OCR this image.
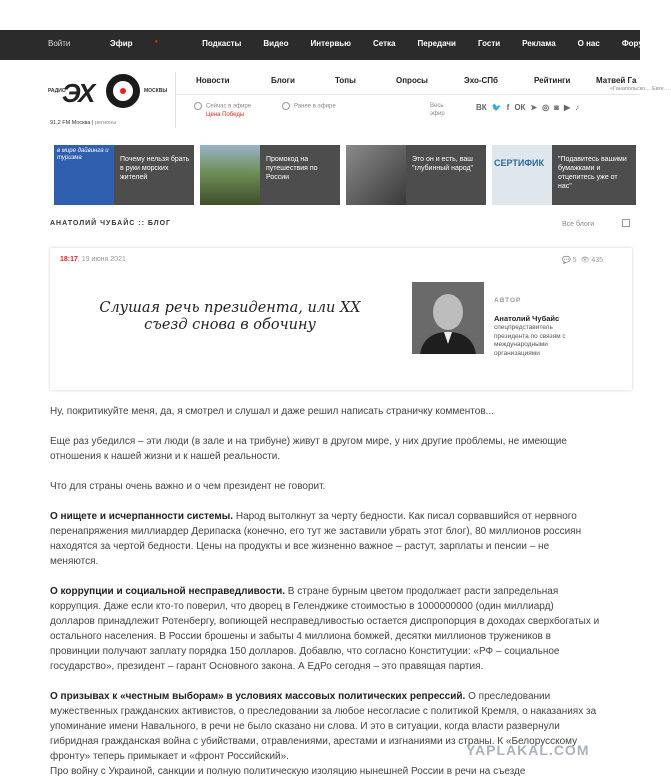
Войти	Эфир	●	Подкасты	Видео	Интервью	Сетка	Передачи	Гости	Реклама	О нас	Форум
РАДИО
ЭХ	МОСКВЫ
91,2 FM Москва | регионы
Новости	Блоги	Топы	Опросы	Эхо-СПб	Рейтинги	Матвей Га
«Ганапольско… Евге…
Сейчас в эфире
Цена Победы
Ранее в эфире	Весь эфир
ВК 🐦 f ОК ➤ ◎ ◙ ▶ ♪
в мире дайвинга и туризма	Почему нельзя брать в руки морских жителей
Промокод на путешествия по России
Это он и есть, ваш "глубинный народ"
СЕРТИФИК "Подавитесь вашими бумажками и отцепитесь уже от нас"
АНАТОЛИЙ ЧУБАЙС :: БЛОГ	Все блоги
18:17, 19 июня 2021	💬 5 👁 435
Слушая речь президента, или XX съезд снова в обочину
АВТОР
Анатолий Чубайс
спецпредставитель президента по связям с международными организациями

Ну, покритикуйте меня, да, я смотрел и слушал и даже решил написать страничку комментов...

Еще раз убедился – эти люди (в зале и на трибуне) живут в другом мире, у них другие проблемы, не имеющие отношения к нашей жизни и к нашей реальности.

Что для страны очень важно и о чем президент не говорит.

О нищете и исчерпанности системы. Народ вытолкнут за черту бедности. Как писал сорвавшийся от нервного перенапряжения миллиардер Дерипаска (конечно, его тут же заставили убрать этот блог), 80 миллионов россиян находятся за чертой бедности. Цены на продукты и все жизненно важное – растут, зарплаты и пенсии – не меняются.

О коррупции и социальной несправедливости. В стране бурным цветом продолжает расти запредельная коррупция. Даже если кто-то поверил, что дворец в Геленджике стоимостью в 1000000000 (один миллиард) долларов принадлежит Ротенбергу, вопиющей несправедливостью остается диспропорция в доходах сверхбогатых и остального населения. В России брошены и забыты 4 миллиона бомжей, десятки миллионов тружеников в провинции получают заплату порядка 150 долларов. Добавлю, что согласно Конституции: «РФ – социальное государство», президент – гарант Основного закона. А ЕдРо сегодня – это правящая партия.

О призывах к «честным выборам» в условиях массовых политических репрессий. О преследовании мужественных гражданских активистов, о преследовании за любое несогласие с политикой Кремля, о наказаниях за упоминание имени Навального, в речи не было сказано ни слова. И это в ситуации, когда власти развернули гибридная гражданская война с убийствами, отравлениями, арестами и изгнаниями из страны. К «Белорусскому фронту» теперь примыкает и «фронт Российский».

Про войну с Украиной, санкции и полную политическую изоляцию нынешней России в речи на съезде

YAPLAKAL.COM
